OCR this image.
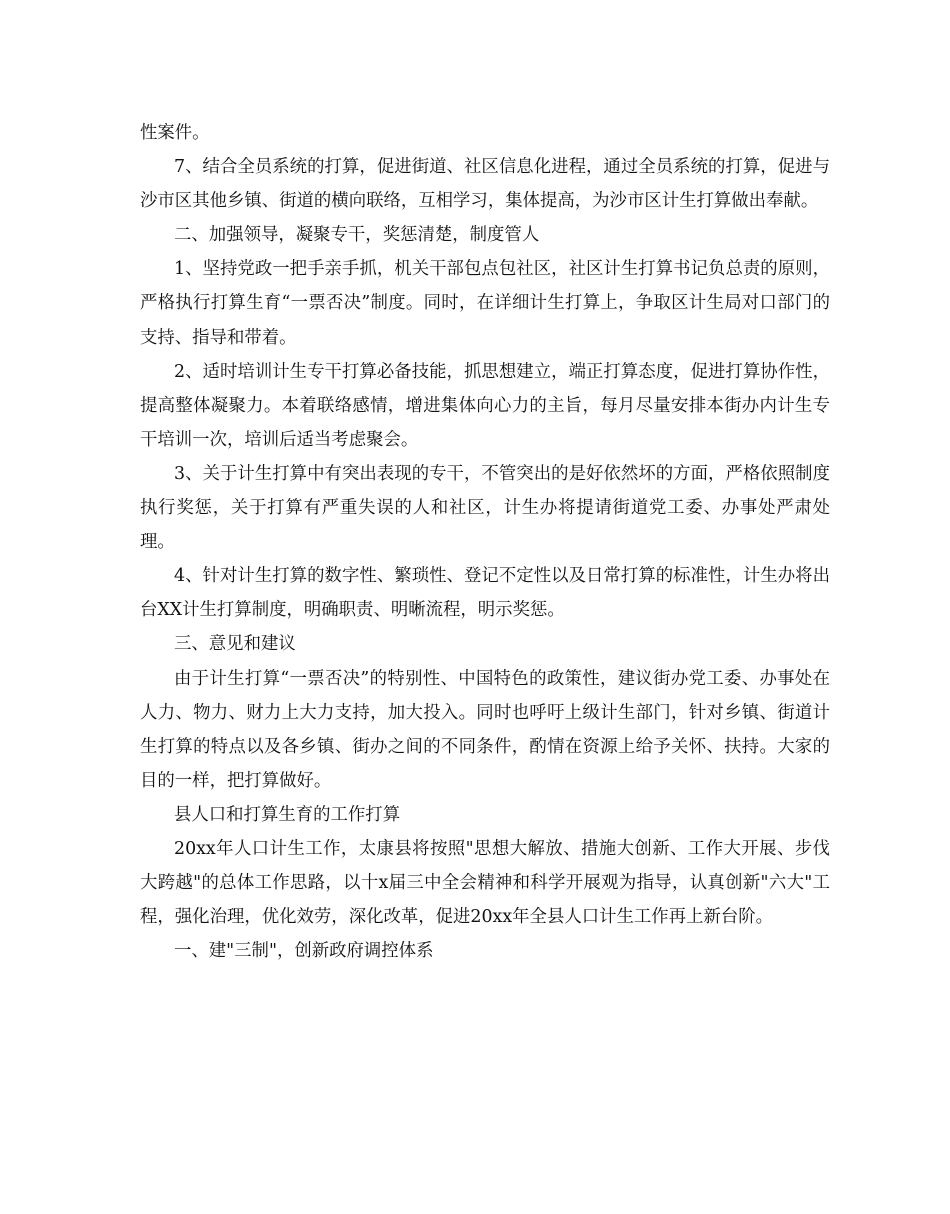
性案件。

7、结合全员系统的打算，促进街道、社区信息化进程，通过全员系统的打算，促进与沙市区其他乡镇、街道的横向联络，互相学习，集体提高，为沙市区计生打算做出奉献。

二、加强领导，凝聚专干，奖惩清楚，制度管人

1、坚持党政一把手亲手抓，机关干部包点包社区，社区计生打算书记负总责的原则，严格执行打算生育“一票否决”制度。同时，在详细计生打算上，争取区计生局对口部门的支持、指导和带着。

2、适时培训计生专干打算必备技能，抓思想建立，端正打算态度，促进打算协作性，提高整体凝聚力。本着联络感情，增进集体向心力的主旨，每月尽量安排本街办内计生专干培训一次，培训后适当考虑聚会。

3、关于计生打算中有突出表现的专干，不管突出的是好依然坏的方面，严格依照制度执行奖惩，关于打算有严重失误的人和社区，计生办将提请街道党工委、办事处严肃处理。

4、针对计生打算的数字性、繁琐性、登记不定性以及日常打算的标准性，计生办将出台XX计生打算制度，明确职责、明晰流程，明示奖惩。

三、意见和建议

由于计生打算“一票否决”的特别性、中国特色的政策性，建议街办党工委、办事处在人力、物力、财力上大力支持，加大投入。同时也呼吁上级计生部门，针对乡镇、街道计生打算的特点以及各乡镇、街办之间的不同条件，酌情在资源上给予关怀、扶持。大家的目的一样，把打算做好。

县人口和打算生育的工作打算

20xx年人口计生工作，太康县将按照"思想大解放、措施大创新、工作大开展、步伐大跨越"的总体工作思路，以十x届三中全会精神和科学开展观为指导，认真创新"六大"工程，强化治理，优化效劳，深化改革，促进20xx年全县人口计生工作再上新台阶。

一、建"三制"，创新政府调控体系
